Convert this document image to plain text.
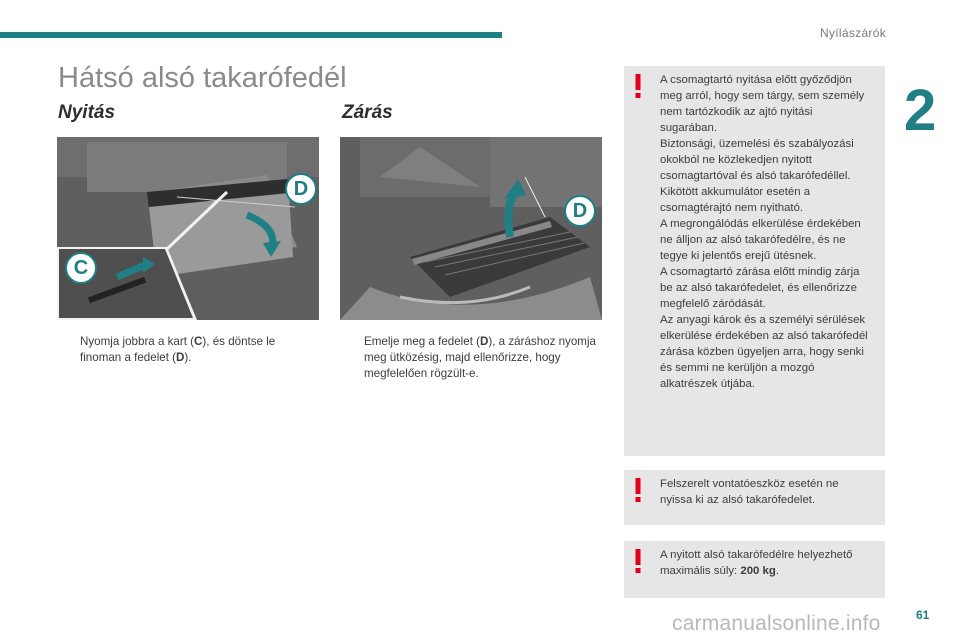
Nyílászárók
2
Hátsó alsó takarófedél
Nyitás
C
D
Nyomja jobbra a kart (C), és döntse le finoman a fedelet (D).
Zárás
D
Emelje meg a fedelet (D), a záráshoz nyomja meg ütközésig, majd ellenőrizze, hogy megfelelően rögzült-e.

A csomagtartó nyitása előtt győződjön meg arról, hogy sem tárgy, sem személy nem tartózkodik az ajtó nyitási sugarában.

Biztonsági, üzemelési és szabályozási okokból ne közlekedjen nyitott csomagtartóval és alsó takarófedéllel.

Kikötött akkumulátor esetén a csomagtérajtó nem nyitható.

A megrongálódás elkerülése érdekében ne álljon az alsó takarófedélre, és ne tegye ki jelentős erejű ütésnek.

A csomagtartó zárása előtt mindig zárja be az alsó takarófedelet, és ellenőrizze megfelelő záródását.

Az anyagi károk és a személyi sérülések elkerülése érdekében az alsó takarófedél zárása közben ügyeljen arra, hogy senki és semmi ne kerüljön a mozgó alkatrészek útjába.

Felszerelt vontatóeszköz esetén ne nyissa ki az alsó takarófedelet.

A nyitott alsó takarófedélre helyezhető maximális súly: 200 kg.

carmanualsonline.info	61
